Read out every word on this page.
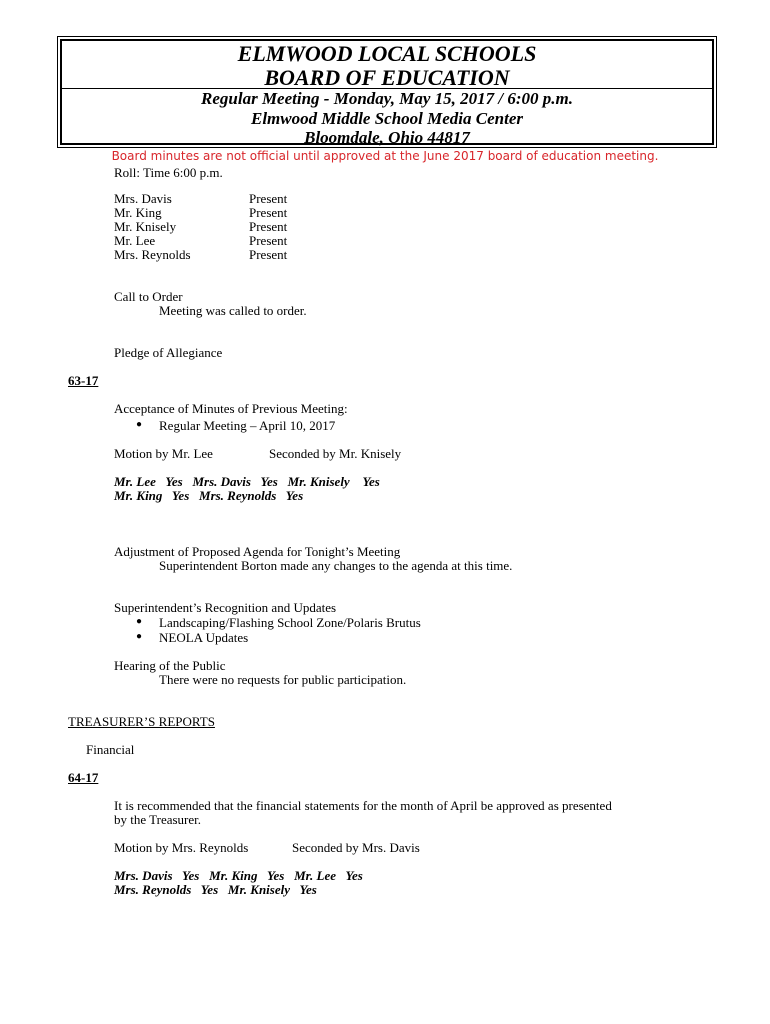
ELMWOOD LOCAL SCHOOLS
BOARD OF EDUCATION
Regular Meeting - Monday, May 15, 2017 / 6:00 p.m.
Elmwood Middle School Media Center
Bloomdale, Ohio 44817
Board minutes are not official until approved at the June 2017 board of education meeting.
Roll: Time 6:00 p.m.
Mrs. Davis	Present
Mr. King	Present
Mr. Knisely	Present
Mr. Lee	Present
Mrs. Reynolds	Present
Call to Order
Meeting was called to order.
Pledge of Allegiance
63-17
Acceptance of Minutes of Previous Meeting:
● Regular Meeting – April 10, 2017
Motion by Mr. Lee	Seconded by Mr. Knisely
Mr. Lee   Yes   Mrs. Davis   Yes   Mr. Knisely    Yes
Mr. King   Yes   Mrs. Reynolds   Yes
Adjustment of Proposed Agenda for Tonight’s Meeting
Superintendent Borton made any changes to the agenda at this time.
Superintendent’s Recognition and Updates
● Landscaping/Flashing School Zone/Polaris Brutus
● NEOLA Updates
Hearing of the Public
There were no requests for public participation.
TREASURER’S REPORTS
Financial
64-17
It is recommended that the financial statements for the month of April be approved as presented
by the Treasurer.
Motion by Mrs. Reynolds	Seconded by Mrs. Davis
Mrs. Davis   Yes   Mr. King   Yes   Mr. Lee   Yes
Mrs. Reynolds   Yes   Mr. Knisely   Yes
